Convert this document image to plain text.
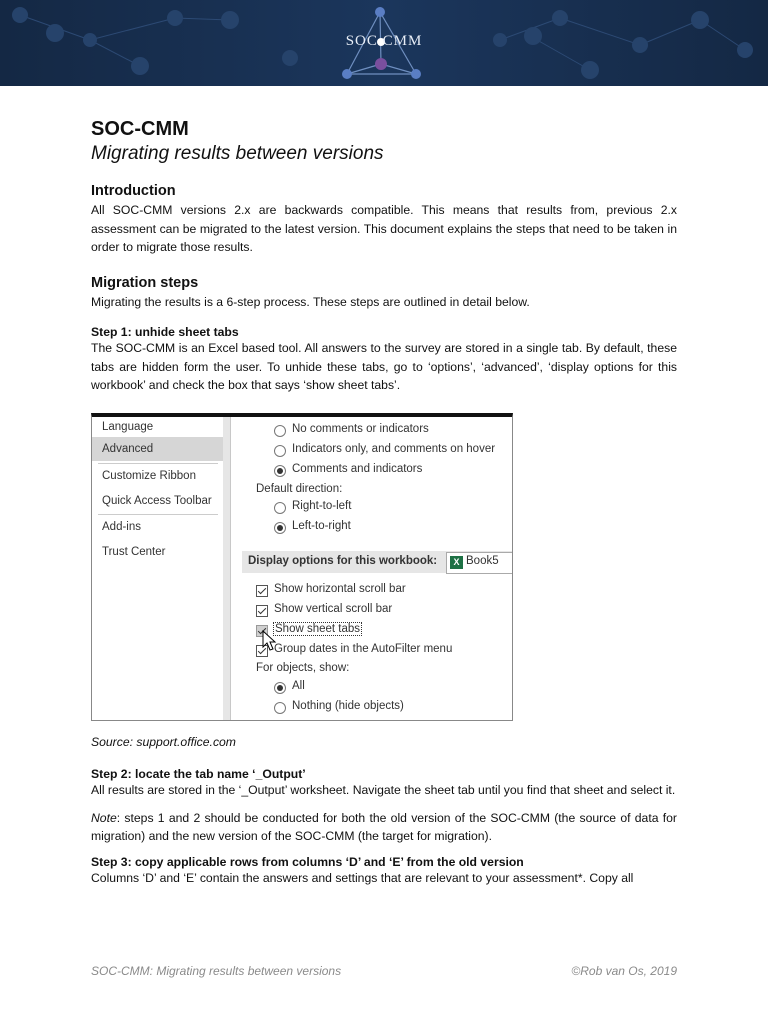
SOC CMM
SOC-CMM
Migrating results between versions
Introduction

All SOC-CMM versions 2.x are backwards compatible. This means that results from, previous 2.x assessment can be migrated to the latest version. This document explains the steps that need to be taken in order to migrate those results.

Migration steps

Migrating the results is a 6-step process. These steps are outlined in detail below.

Step 1: unhide sheet tabs

The SOC-CMM is an Excel based tool. All answers to the survey are stored in a single tab. By default, these tabs are hidden form the user. To unhide these tabs, go to ‘options’, ‘advanced’, ‘display options for this workbook’ and check the box that says ‘show sheet tabs’.

Language
Advanced
Customize Ribbon
Quick Access Toolbar
Add-ins
Trust Center
No comments or indicators
Indicators only, and comments on hover
Comments and indicators
Default direction:
Right-to-left
Left-to-right
Display options for this workbook:	X Book5
Show horizontal scroll bar
Show vertical scroll bar
Show sheet tabs
Group dates in the AutoFilter menu
For objects, show:
All
Nothing (hide objects)
Source: support.office.com
Step 2: locate the tab name ‘_Output’

All results are stored in the ‘_Output’ worksheet. Navigate the sheet tab until you find that sheet and select it.

Note: steps 1 and 2 should be conducted for both the old version of the SOC-CMM (the source of data for migration) and the new version of the SOC-CMM (the target for migration).

Step 3: copy applicable rows from columns ‘D’ and ‘E’ from the old version

Columns ‘D’ and ‘E’ contain the answers and settings that are relevant to your assessment*. Copy all

SOC-CMM: Migrating results between versions	©Rob van Os, 2019
